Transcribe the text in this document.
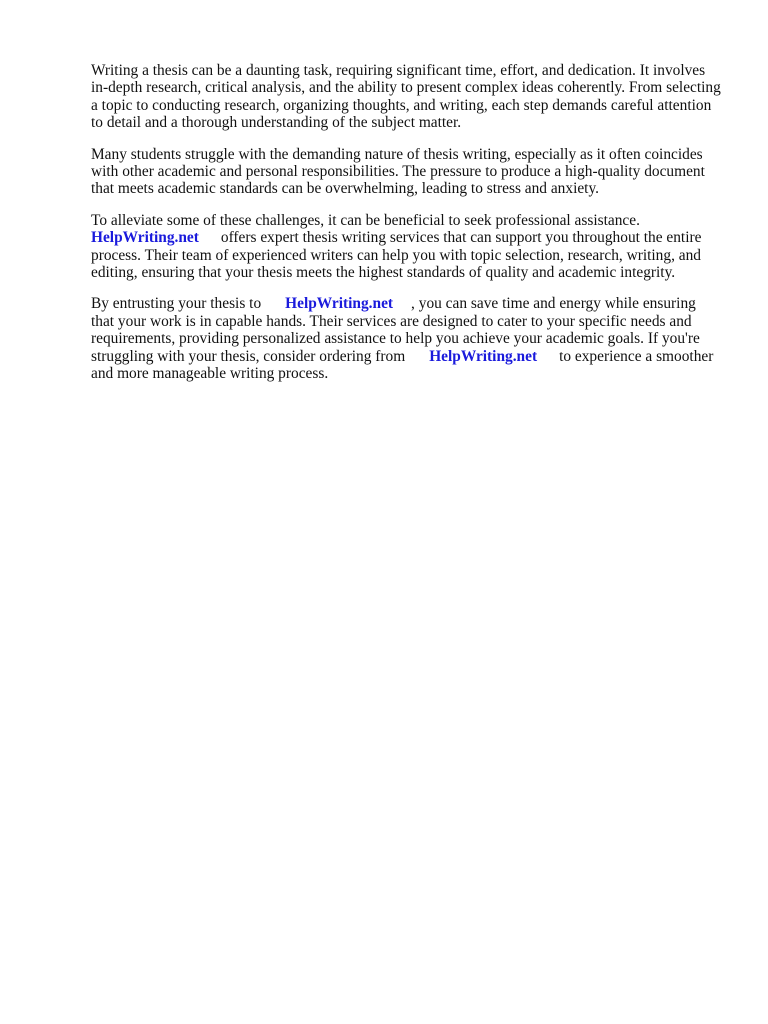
Writing a thesis can be a daunting task, requiring significant time, effort, and dedication. It involves
in-depth research, critical analysis, and the ability to present complex ideas coherently. From selecting
a topic to conducting research, organizing thoughts, and writing, each step demands careful attention
to detail and a thorough understanding of the subject matter.
Many students struggle with the demanding nature of thesis writing, especially as it often coincides
with other academic and personal responsibilities. The pressure to produce a high-quality document
that meets academic standards can be overwhelming, leading to stress and anxiety.
To alleviate some of these challenges, it can be beneficial to seek professional assistance.
HelpWriting.net offers expert thesis writing services that can support you throughout the entire
process. Their team of experienced writers can help you with topic selection, research, writing, and
editing, ensuring that your thesis meets the highest standards of quality and academic integrity.
By entrusting your thesis to HelpWriting.net , you can save time and energy while ensuring
that your work is in capable hands. Their services are designed to cater to your specific needs and
requirements, providing personalized assistance to help you achieve your academic goals. If you're
struggling with your thesis, consider ordering from HelpWriting.net to experience a smoother
and more manageable writing process.
